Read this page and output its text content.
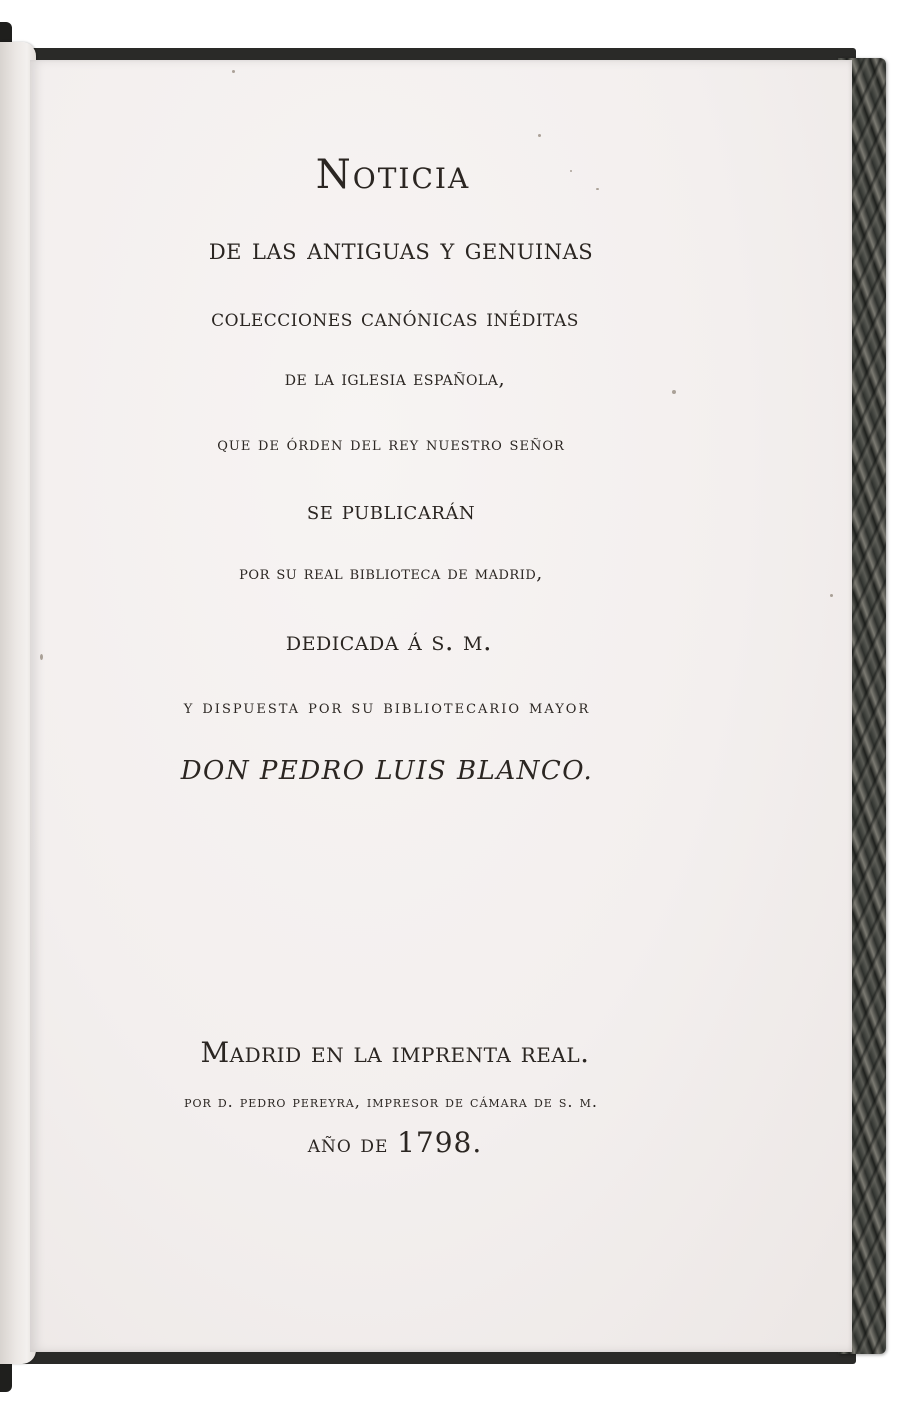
Noticia

de las antiguas y genuinas

colecciones canónicas inéditas

de la iglesia española,

que de órden del rey nuestro señor

se publicarán

por su real biblioteca de madrid,

dedicada á s. m.

y dispuesta por su bibliotecario mayor

DON PEDRO LUIS BLANCO.

Madrid en la imprenta real.

por d. pedro pereyra, impresor de cámara de s. m.

año de 1798.
